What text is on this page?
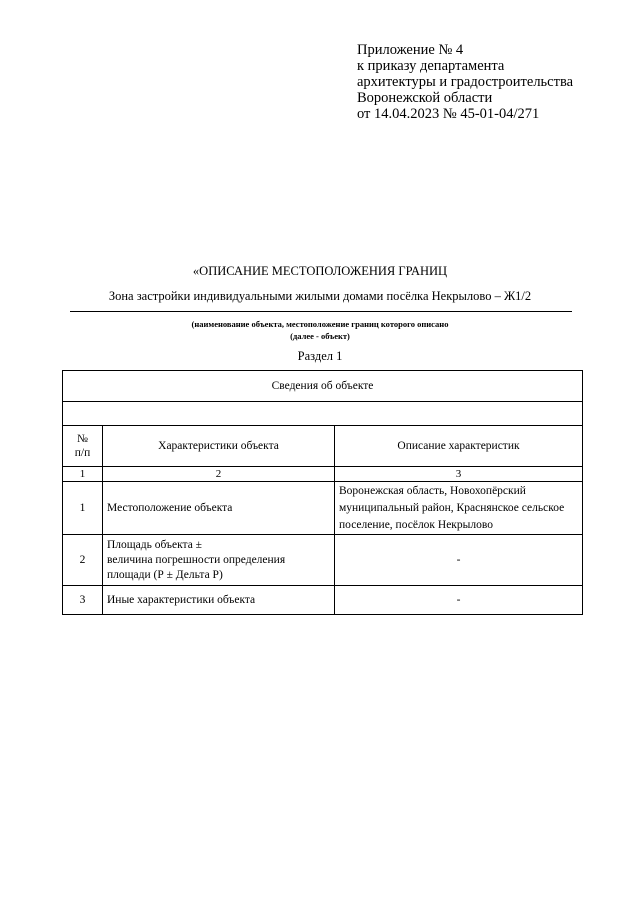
Приложение № 4
к приказу департамента
архитектуры и градостроительства
Воронежской области
от 14.04.2023 № 45-01-04/271
«ОПИСАНИЕ МЕСТОПОЛОЖЕНИЯ ГРАНИЦ
Зона застройки индивидуальными жилыми домами посёлка Некрылово – Ж1/2
(наименование объекта, местоположение границ которого описано
(далее - объект)
Раздел 1
Сведения об объекте		

№
п/п	Характеристики объекта	Описание характеристик
1	2	3
1	Местоположение объекта	Воронежская область, Новохопёрский муниципальный район, Краснянское сельское поселение, посёлок Некрылово
2	Площадь объекта ±
величина погрешности определения
площади (Р ± Дельта Р)	-
3	Иные характеристики объекта	-
